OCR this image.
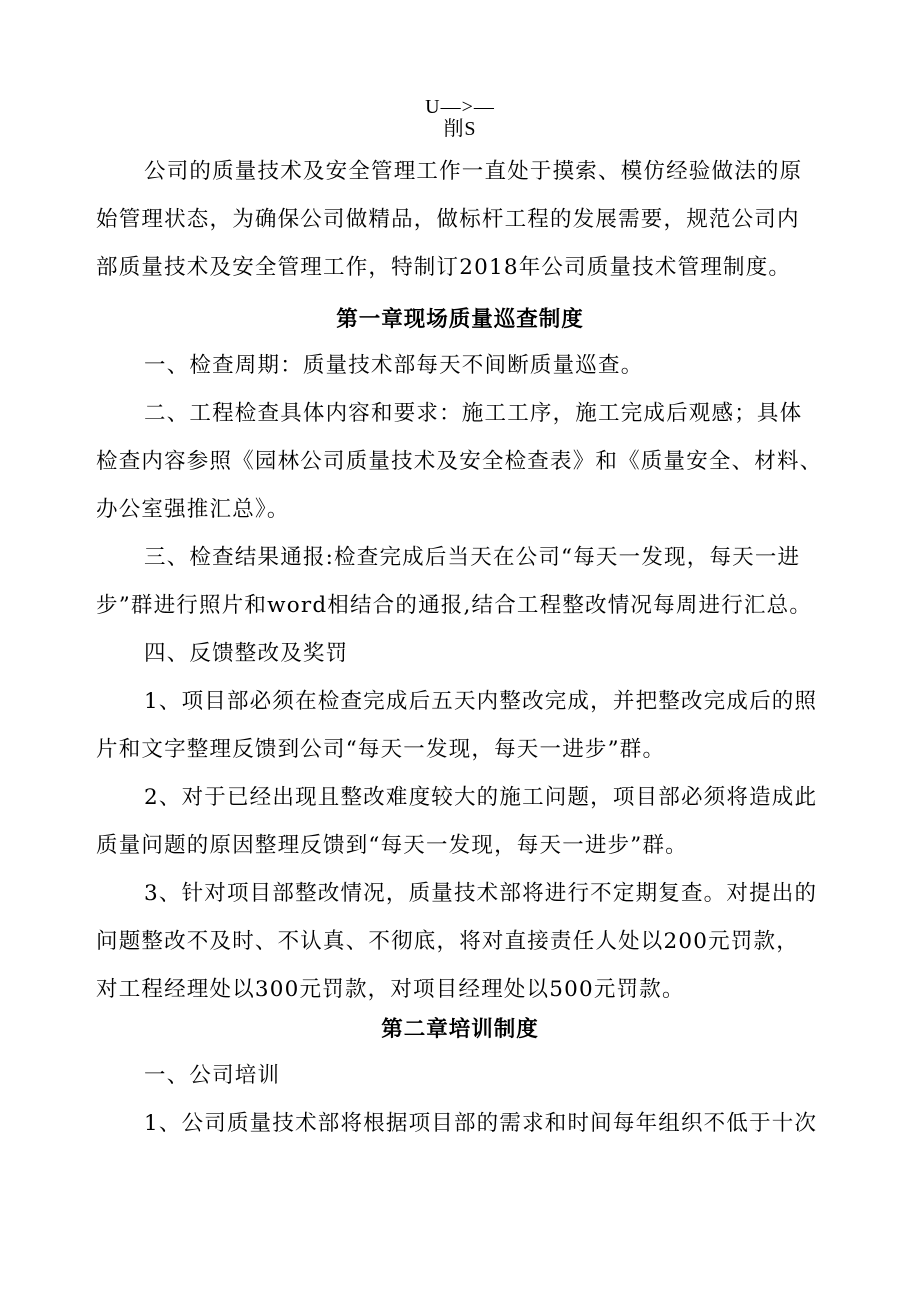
U—>—
削S
公司的质量技术及安全管理工作一直处于摸索、模仿经验做法的原
始管理状态，为确保公司做精品，做标杆工程的发展需要，规范公司内
部质量技术及安全管理工作，特制订2018年公司质量技术管理制度。
第一章现场质量巡查制度
一、检查周期：质量技术部每天不间断质量巡查。
二、工程检查具体内容和要求：施工工序，施工完成后观感；具体
检查内容参照《园林公司质量技术及安全检查表》和《质量安全、材料、
办公室强推汇总》。
三、检查结果通报:检查完成后当天在公司“每天一发现，每天一进
步”群进行照片和word相结合的通报,结合工程整改情况每周进行汇总。
四、反馈整改及奖罚
1、项目部必须在检查完成后五天内整改完成，并把整改完成后的照
片和文字整理反馈到公司“每天一发现，每天一进步”群。
2、对于已经出现且整改难度较大的施工问题，项目部必须将造成此
质量问题的原因整理反馈到“每天一发现，每天一进步”群。
3、针对项目部整改情况，质量技术部将进行不定期复查。对提出的
问题整改不及时、不认真、不彻底，将对直接责任人处以200元罚款，
对工程经理处以300元罚款，对项目经理处以500元罚款。
第二章培训制度
一、公司培训
1、公司质量技术部将根据项目部的需求和时间每年组织不低于十次
